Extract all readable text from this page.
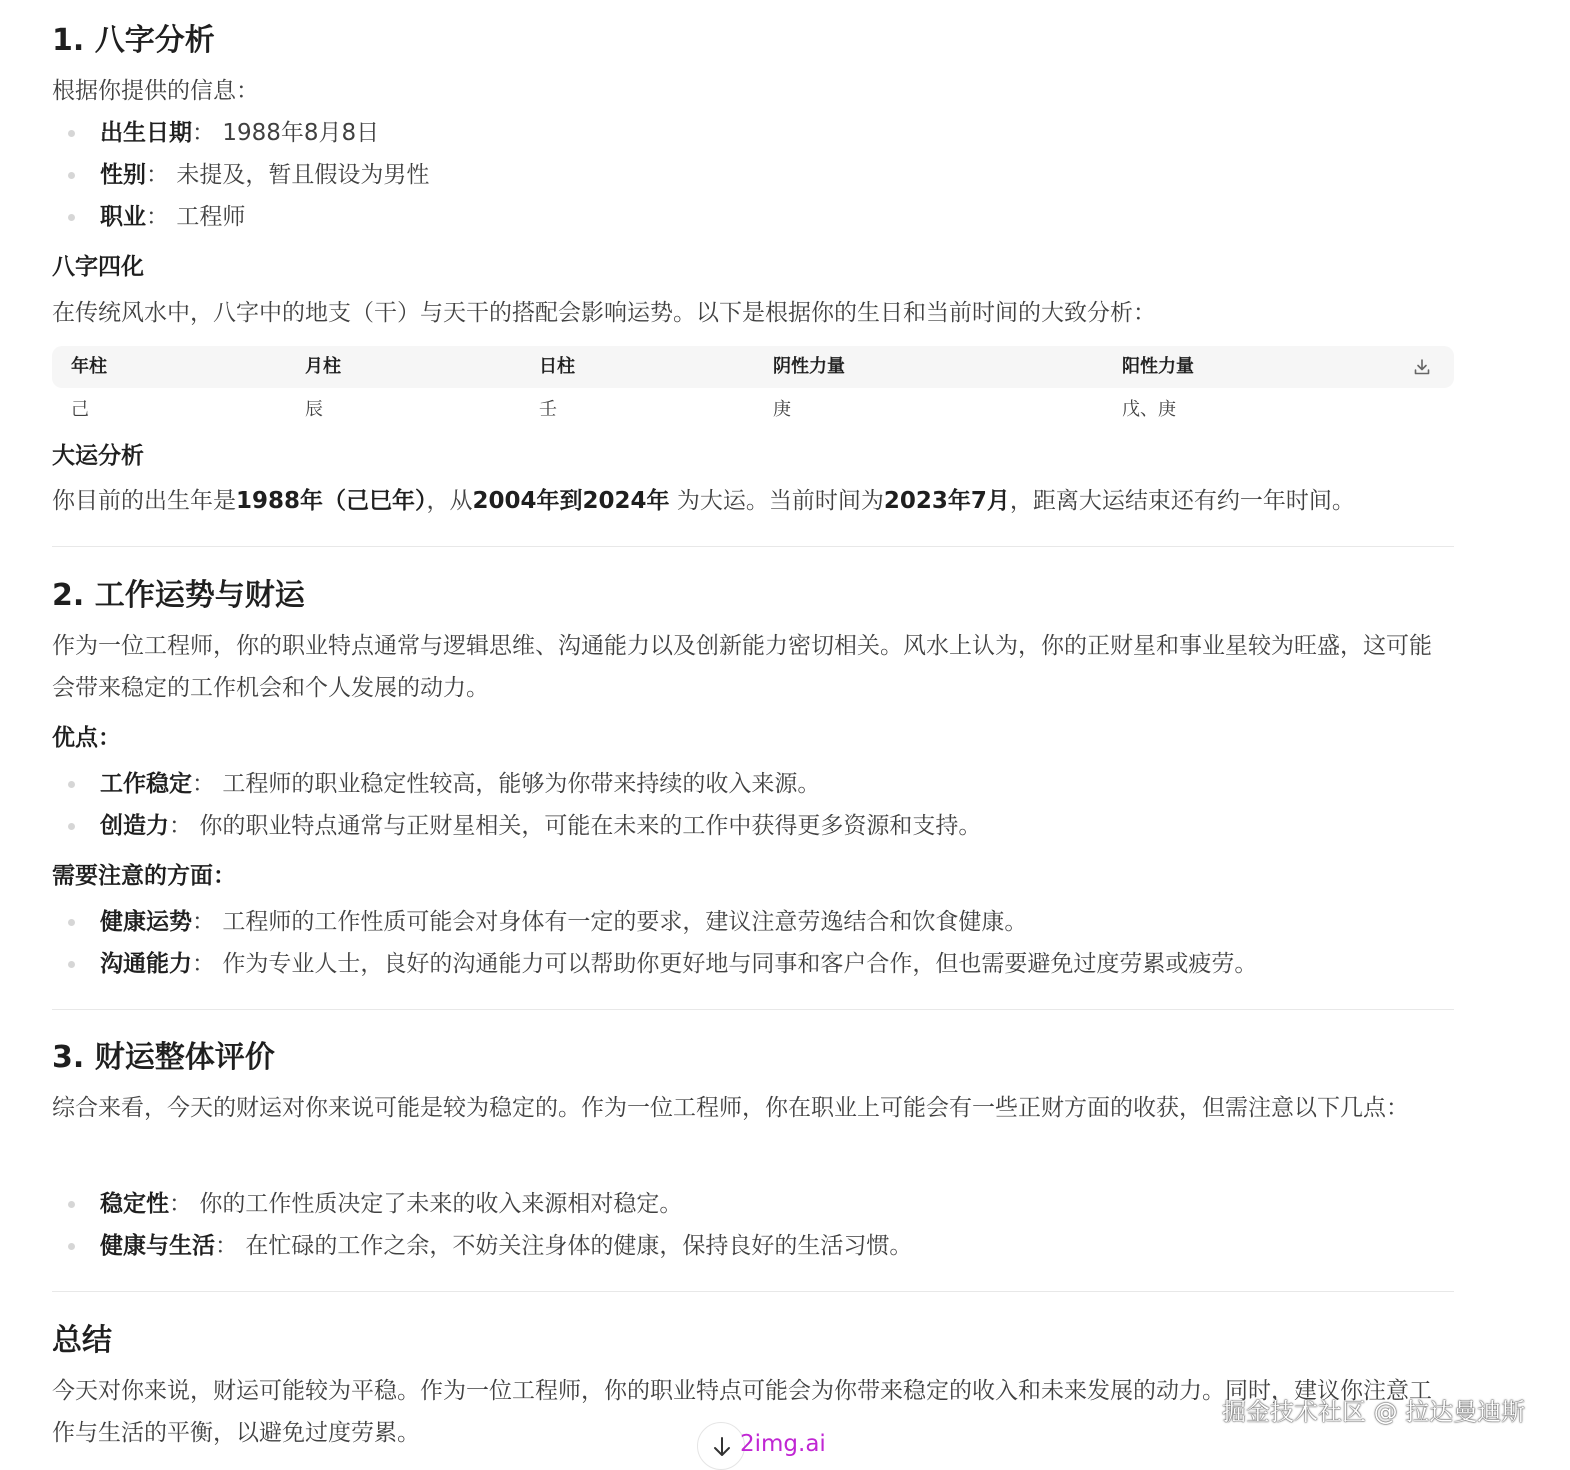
1. 八字分析
根据你提供的信息：
出生日期： 1988年8月8日
性别： 未提及，暂且假设为男性
职业： 工程师
八字四化
在传统风水中，八字中的地支（干）与天干的搭配会影响运势。以下是根据你的生日和当前时间的大致分析：
年柱	月柱	日柱	阴性力量	阳性力量
己	辰	壬	庚	戊、庚
大运分析
你目前的出生年是1988年（己巳年），从2004年到2024年 为大运。当前时间为2023年7月，距离大运结束还有约一年时间。
2. 工作运势与财运
作为一位工程师，你的职业特点通常与逻辑思维、沟通能力以及创新能力密切相关。风水上认为，你的正财星和事业星较为旺盛，这可能会带来稳定的工作机会和个人发展的动力。
优点：
工作稳定： 工程师的职业稳定性较高，能够为你带来持续的收入来源。
创造力： 你的职业特点通常与正财星相关，可能在未来的工作中获得更多资源和支持。
需要注意的方面：
健康运势： 工程师的工作性质可能会对身体有一定的要求，建议注意劳逸结合和饮食健康。
沟通能力： 作为专业人士，良好的沟通能力可以帮助你更好地与同事和客户合作，但也需要避免过度劳累或疲劳。
3. 财运整体评价
综合来看，今天的财运对你来说可能是较为稳定的。作为一位工程师，你在职业上可能会有一些正财方面的收获，但需注意以下几点：
稳定性： 你的工作性质决定了未来的收入来源相对稳定。
健康与生活： 在忙碌的工作之余，不妨关注身体的健康，保持良好的生活习惯。
总结
今天对你来说，财运可能较为平稳。作为一位工程师，你的职业特点可能会为你带来稳定的收入和未来发展的动力。同时，建议你注意工作与生活的平衡，以避免过度劳累。	2img.ai
掘金技术社区 @ 拉达曼迪斯
